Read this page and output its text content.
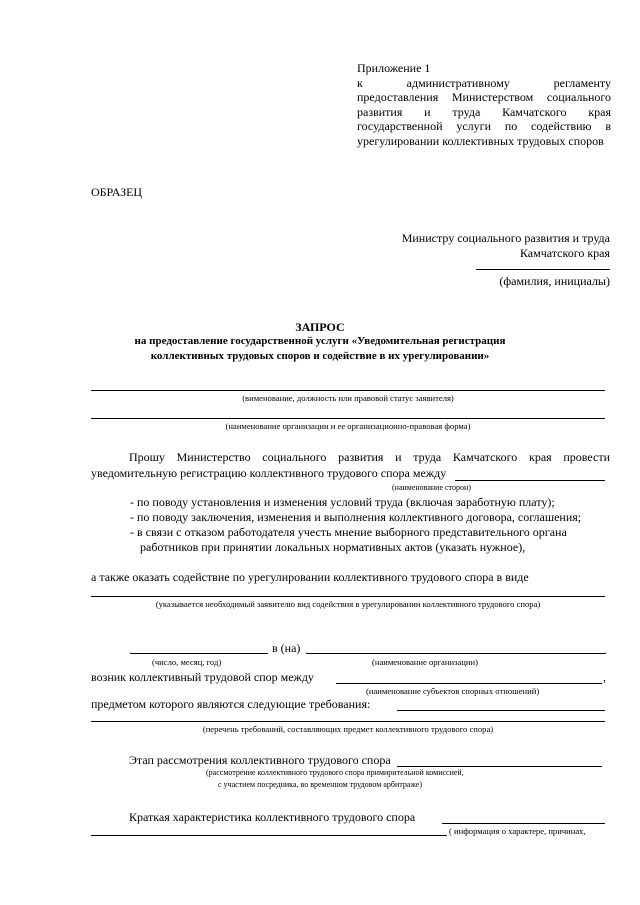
Приложение 1
к административному регламенту
предоставления Министерством социального
развития и труда Камчатского края
государственной услуги по содействию в
урегулировании коллективных трудовых споров
ОБРАЗЕЦ
Министру социального развития и труда
Камчатского края
(фамилия, инициалы)
ЗАПРОС
на предоставление государственной услуги «Уведомительная регистрация
коллективных трудовых споров и содействие в их урегулировании»
(вименование, должность или правовой статус заявителя)
(наименование организации и ее организационно-правовая форма)
Прошу Министерство социального развития и труда Камчатского края провести
уведомительную регистрацию коллективного трудового спора между
(наименование сторон)
- по поводу установления и изменения условий труда (включая заработную плату);
- по поводу заключения, изменения и выполнения коллективного договора, соглашения;
- в связи с отказом работодателя учесть мнение выборного представительного органа
работников при принятии локальных нормативных актов (указать нужное),
а также оказать содействие по урегулировании коллективного трудового спора в виде
(указывается необходимый заявителю вид содействия в урегулировании коллективного трудового спора)
в (на)
(число, месяц, год)	(наименование организации)
возник коллективный трудовой спор между	,
(наименование субъектов спорных отношений)
предметом которого являются следующие требования:
(перечень требований, составляющих предмет коллективного трудового спора)
Этап рассмотрения коллективного трудового спора
(рассмотрение коллективного трудового спора примирительной комиссией,
с участием посредника, во временном трудовом арбитраже)
Краткая характеристика коллективного трудового спора
( информация о характере, причинах,
